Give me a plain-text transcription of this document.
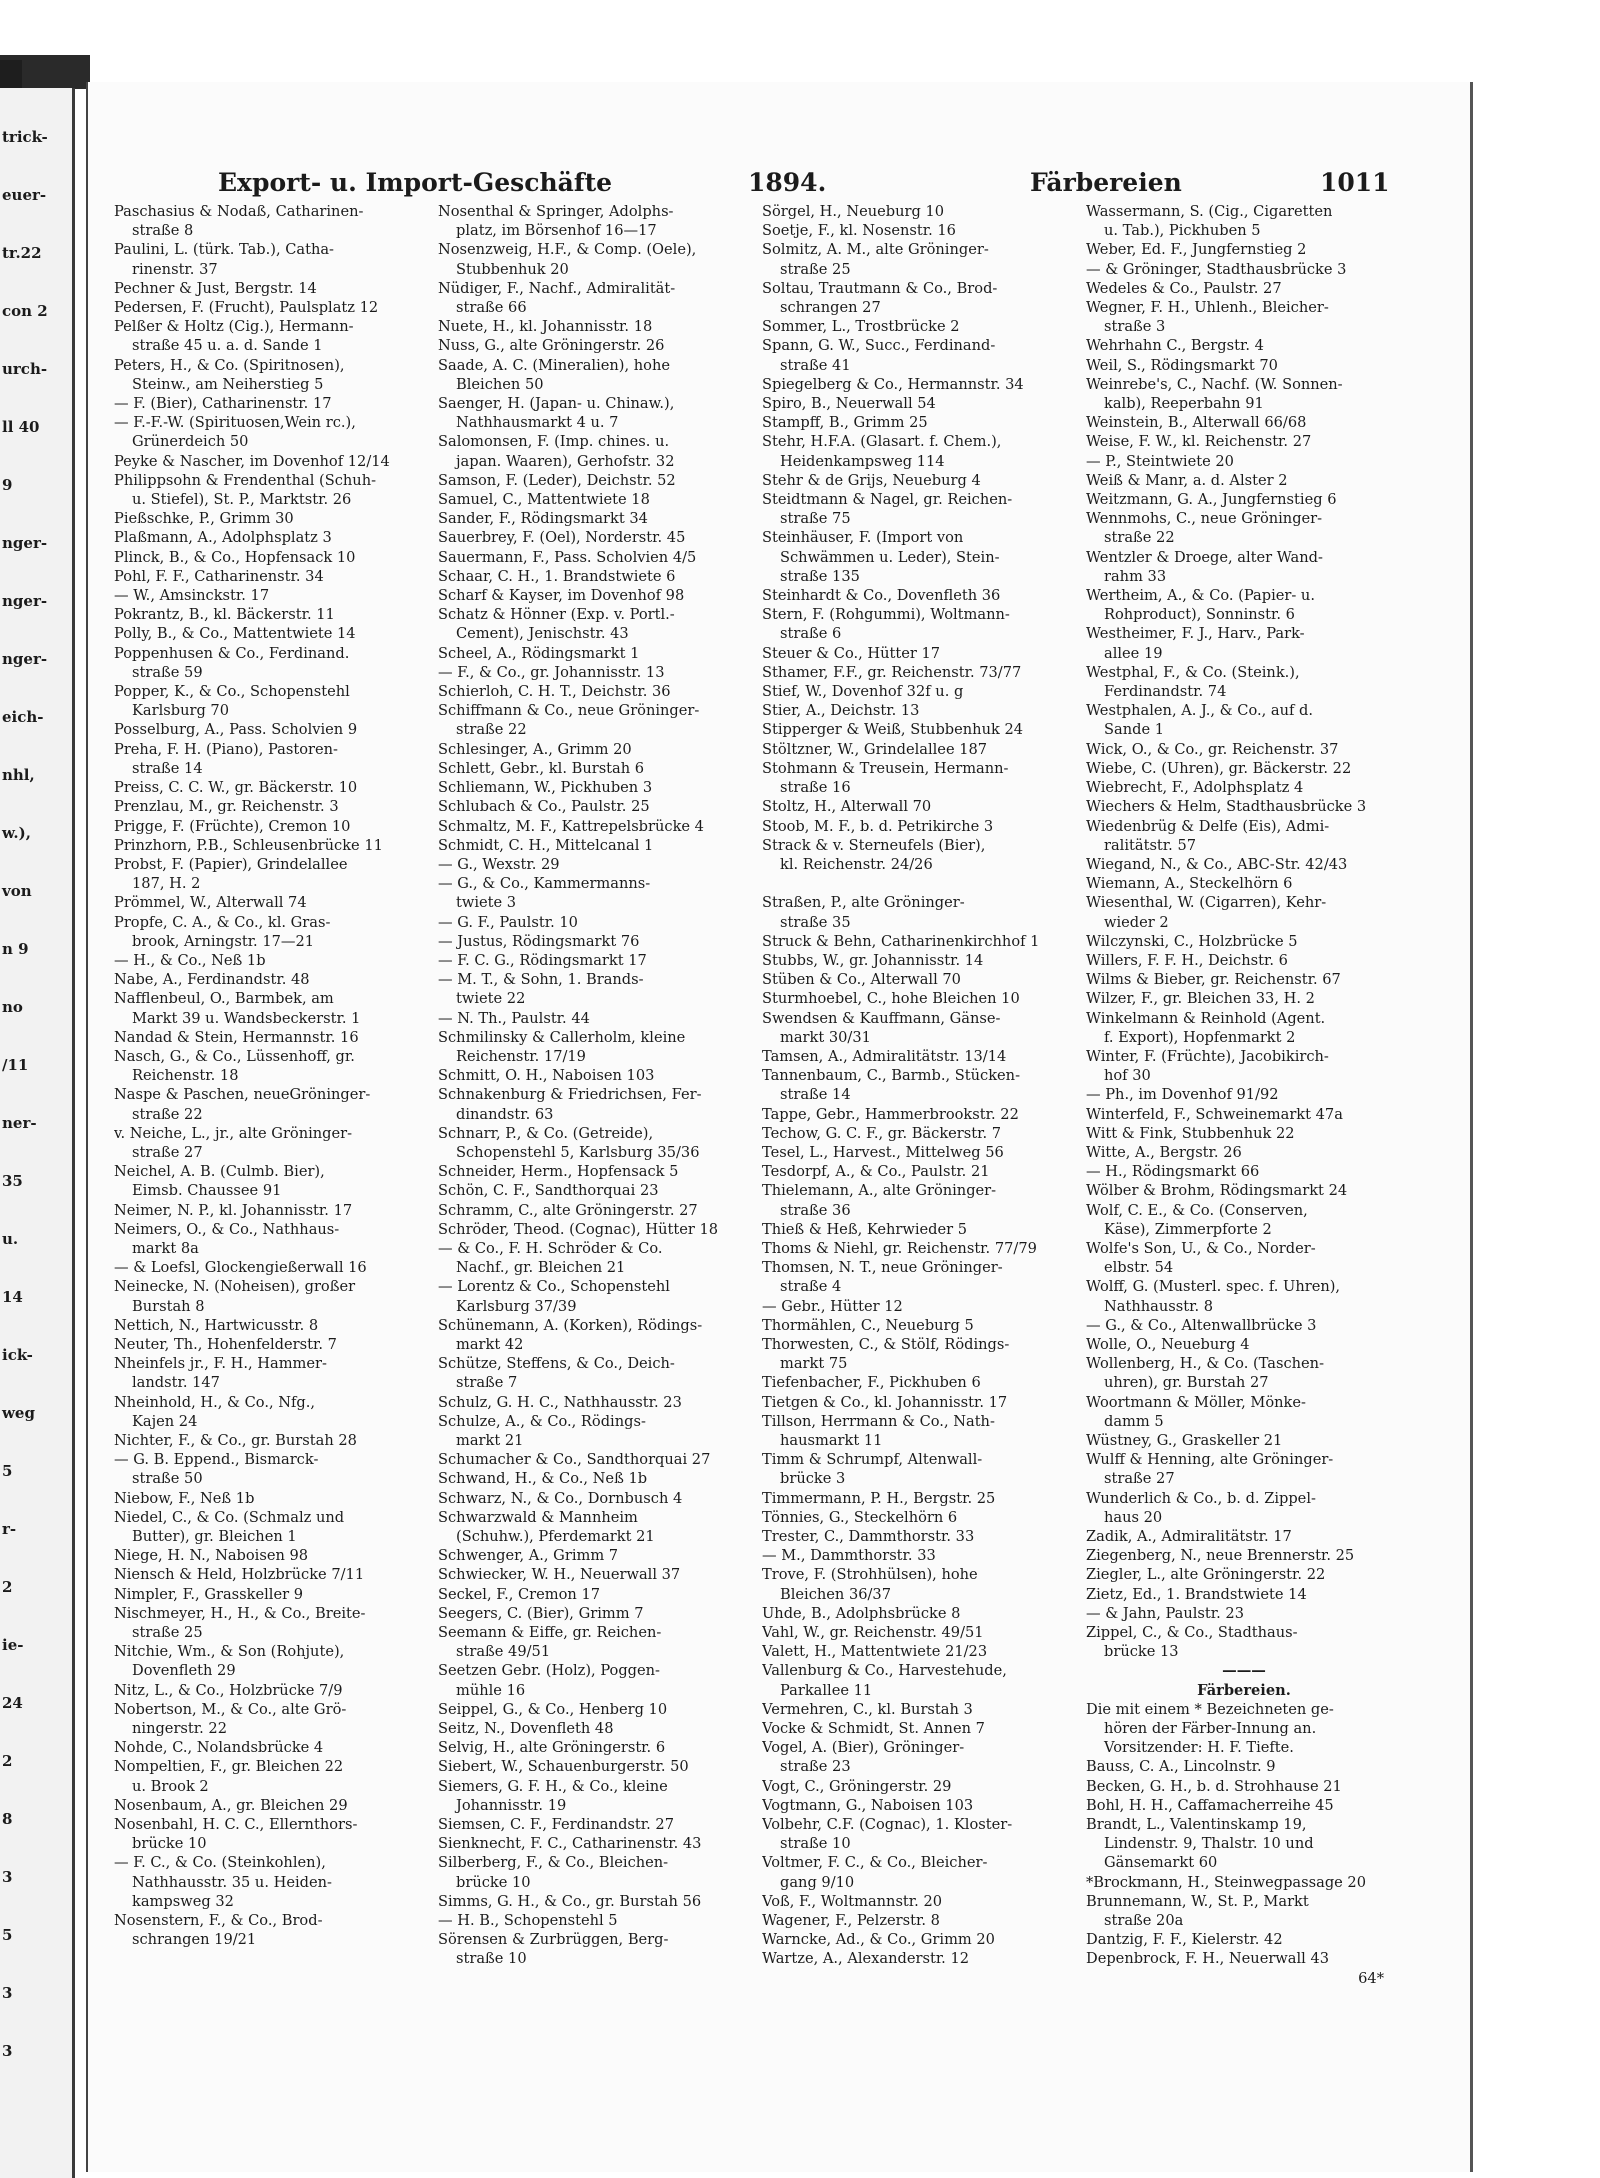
trick-
euer-
tr.22
con 2
urch-
ll 40
9
nger-
nger-
nger-
eich-
nhl,
w.),
von
n 9
no
/11
ner-
35
u.
14
ick-
weg
5
r-
2
ie-
24
2
8
3
5
3
3
Export- u. Import-Geschäfte	1894.	Färbereien	1011
Paschasius & Nodaß, Catharinen-
straße 8
Paulini, L. (türk. Tab.), Catha-
rinenstr. 37
Pechner & Just, Bergstr. 14
Pedersen, F. (Frucht), Paulsplatz 12
Pelßer & Holtz (Cig.), Hermann-
straße 45 u. a. d. Sande 1
Peters, H., & Co. (Spiritnosen),
Steinw., am Neiherstieg 5
— F. (Bier), Catharinenstr. 17
— F.-F.-W. (Spirituosen,Wein rc.),
Grünerdeich 50
Peyke & Nascher, im Dovenhof 12/14
Philippsohn & Frendenthal (Schuh-
u. Stiefel), St. P., Marktstr. 26
Pießschke, P., Grimm 30
Plaßmann, A., Adolphsplatz 3
Plinck, B., & Co., Hopfensack 10
Pohl, F. F., Catharinenstr. 34
— W., Amsinckstr. 17
Pokrantz, B., kl. Bäckerstr. 11
Polly, B., & Co., Mattentwiete 14
Poppenhusen & Co., Ferdinand.
straße 59
Popper, K., & Co., Schopenstehl
Karlsburg 70
Posselburg, A., Pass. Scholvien 9
Preha, F. H. (Piano), Pastoren-
straße 14
Preiss, C. C. W., gr. Bäckerstr. 10
Prenzlau, M., gr. Reichenstr. 3
Prigge, F. (Früchte), Cremon 10
Prinzhorn, P.B., Schleusenbrücke 11
Probst, F. (Papier), Grindelallee
187, H. 2
Prömmel, W., Alterwall 74
Propfe, C. A., & Co., kl. Gras-
brook, Arningstr. 17—21
— H., & Co., Neß 1b
Nabe, A., Ferdinandstr. 48
Nafflenbeul, O., Barmbek, am
Markt 39 u. Wandsbeckerstr. 1
Nandad & Stein, Hermannstr. 16
Nasch, G., & Co., Lüssenhoff, gr.
Reichenstr. 18
Naspe & Paschen, neueGröninger-
straße 22
v. Neiche, L., jr., alte Gröninger-
straße 27
Neichel, A. B. (Culmb. Bier),
Eimsb. Chaussee 91
Neimer, N. P., kl. Johannisstr. 17
Neimers, O., & Co., Nathhaus-
markt 8a
— & Loefsl, Glockengießerwall 16
Neinecke, N. (Noheisen), großer
Burstah 8
Nettich, N., Hartwicusstr. 8
Neuter, Th., Hohenfelderstr. 7
Nheinfels jr., F. H., Hammer-
landstr. 147
Nheinhold, H., & Co., Nfg.,
Kajen 24
Nichter, F., & Co., gr. Burstah 28
— G. B. Eppend., Bismarck-
straße 50
Niebow, F., Neß 1b
Niedel, C., & Co. (Schmalz und
Butter), gr. Bleichen 1
Niege, H. N., Naboisen 98
Niensch & Held, Holzbrücke 7/11
Nimpler, F., Grasskeller 9
Nischmeyer, H., H., & Co., Breite-
straße 25
Nitchie, Wm., & Son (Rohjute),
Dovenfleth 29
Nitz, L., & Co., Holzbrücke 7/9
Nobertson, M., & Co., alte Grö-
ningerstr. 22
Nohde, C., Nolandsbrücke 4
Nompeltien, F., gr. Bleichen 22
u. Brook 2
Nosenbaum, A., gr. Bleichen 29
Nosenbahl, H. C. C., Ellernthors-
brücke 10
— F. C., & Co. (Steinkohlen),
Nathhausstr. 35 u. Heiden-
kampsweg 32
Nosenstern, F., & Co., Brod-
schrangen 19/21
Nosenthal & Springer, Adolphs-
platz, im Börsenhof 16—17
Nosenzweig, H.F., & Comp. (Oele),
Stubbenhuk 20
Nüdiger, F., Nachf., Admiralität-
straße 66
Nuete, H., kl. Johannisstr. 18
Nuss, G., alte Gröningerstr. 26
Saade, A. C. (Mineralien), hohe
Bleichen 50
Saenger, H. (Japan- u. Chinaw.),
Nathhausmarkt 4 u. 7
Salomonsen, F. (Imp. chines. u.
japan. Waaren), Gerhofstr. 32
Samson, F. (Leder), Deichstr. 52
Samuel, C., Mattentwiete 18
Sander, F., Rödingsmarkt 34
Sauerbrey, F. (Oel), Norderstr. 45
Sauermann, F., Pass. Scholvien 4/5
Schaar, C. H., 1. Brandstwiete 6
Scharf & Kayser, im Dovenhof 98
Schatz & Hönner (Exp. v. Portl.-
Cement), Jenischstr. 43
Scheel, A., Rödingsmarkt 1
— F., & Co., gr. Johannisstr. 13
Schierloh, C. H. T., Deichstr. 36
Schiffmann & Co., neue Gröninger-
straße 22
Schlesinger, A., Grimm 20
Schlett, Gebr., kl. Burstah 6
Schliemann, W., Pickhuben 3
Schlubach & Co., Paulstr. 25
Schmaltz, M. F., Kattrepelsbrücke 4
Schmidt, C. H., Mittelcanal 1
— G., Wexstr. 29
— G., & Co., Kammermanns-
twiete 3
— G. F., Paulstr. 10
— Justus, Rödingsmarkt 76
— F. C. G., Rödingsmarkt 17
— M. T., & Sohn, 1. Brands-
twiete 22
— N. Th., Paulstr. 44
Schmilinsky & Callerholm, kleine
Reichenstr. 17/19
Schmitt, O. H., Naboisen 103
Schnakenburg & Friedrichsen, Fer-
dinandstr. 63
Schnarr, P., & Co. (Getreide),
Schopenstehl 5, Karlsburg 35/36
Schneider, Herm., Hopfensack 5
Schön, C. F., Sandthorquai 23
Schramm, C., alte Gröningerstr. 27
Schröder, Theod. (Cognac), Hütter 18
— & Co., F. H. Schröder & Co.
Nachf., gr. Bleichen 21
— Lorentz & Co., Schopenstehl
Karlsburg 37/39
Schünemann, A. (Korken), Rödings-
markt 42
Schütze, Steffens, & Co., Deich-
straße 7
Schulz, G. H. C., Nathhausstr. 23
Schulze, A., & Co., Rödings-
markt 21
Schumacher & Co., Sandthorquai 27
Schwand, H., & Co., Neß 1b
Schwarz, N., & Co., Dornbusch 4
Schwarzwald & Mannheim
(Schuhw.), Pferdemarkt 21
Schwenger, A., Grimm 7
Schwiecker, W. H., Neuerwall 37
Seckel, F., Cremon 17
Seegers, C. (Bier), Grimm 7
Seemann & Eiffe, gr. Reichen-
straße 49/51
Seetzen Gebr. (Holz), Poggen-
mühle 16
Seippel, G., & Co., Henberg 10
Seitz, N., Dovenfleth 48
Selvig, H., alte Gröningerstr. 6
Siebert, W., Schauenburgerstr. 50
Siemers, G. F. H., & Co., kleine
Johannisstr. 19
Siemsen, C. F., Ferdinandstr. 27
Sienknecht, F. C., Catharinenstr. 43
Silberberg, F., & Co., Bleichen-
brücke 10
Simms, G. H., & Co., gr. Burstah 56
— H. B., Schopenstehl 5
Sörensen & Zurbrüggen, Berg-
straße 10
Sörgel, H., Neueburg 10
Soetje, F., kl. Nosenstr. 16
Solmitz, A. M., alte Gröninger-
straße 25
Soltau, Trautmann & Co., Brod-
schrangen 27
Sommer, L., Trostbrücke 2
Spann, G. W., Succ., Ferdinand-
straße 41
Spiegelberg & Co., Hermannstr. 34
Spiro, B., Neuerwall 54
Stampff, B., Grimm 25
Stehr, H.F.A. (Glasart. f. Chem.),
Heidenkampsweg 114
Stehr & de Grijs, Neueburg 4
Steidtmann & Nagel, gr. Reichen-
straße 75
Steinhäuser, F. (Import von
Schwämmen u. Leder), Stein-
straße 135
Steinhardt & Co., Dovenfleth 36
Stern, F. (Rohgummi), Woltmann-
straße 6
Steuer & Co., Hütter 17
Sthamer, F.F., gr. Reichenstr. 73/77
Stief, W., Dovenhof 32f u. g
Stier, A., Deichstr. 13
Stipperger & Weiß, Stubbenhuk 24
Stöltzner, W., Grindelallee 187
Stohmann & Treusein, Hermann-
straße 16
Stoltz, H., Alterwall 70
Stoob, M. F., b. d. Petrikirche 3
Strack & v. Sterneufels (Bier),
kl. Reichenstr. 24/26

Straßen, P., alte Gröninger-
straße 35
Struck & Behn, Catharinenkirchhof 1
Stubbs, W., gr. Johannisstr. 14
Stüben & Co., Alterwall 70
Sturmhoebel, C., hohe Bleichen 10
Swendsen & Kauffmann, Gänse-
markt 30/31
Tamsen, A., Admiralitätstr. 13/14
Tannenbaum, C., Barmb., Stücken-
straße 14
Tappe, Gebr., Hammerbrookstr. 22
Techow, G. C. F., gr. Bäckerstr. 7
Tesel, L., Harvest., Mittelweg 56
Tesdorpf, A., & Co., Paulstr. 21
Thielemann, A., alte Gröninger-
straße 36
Thieß & Heß, Kehrwieder 5
Thoms & Niehl, gr. Reichenstr. 77/79
Thomsen, N. T., neue Gröninger-
straße 4
— Gebr., Hütter 12
Thormählen, C., Neueburg 5
Thorwesten, C., & Stölf, Rödings-
markt 75
Tiefenbacher, F., Pickhuben 6
Tietgen & Co., kl. Johannisstr. 17
Tillson, Herrmann & Co., Nath-
hausmarkt 11
Timm & Schrumpf, Altenwall-
brücke 3
Timmermann, P. H., Bergstr. 25
Tönnies, G., Steckelhörn 6
Trester, C., Dammthorstr. 33
— M., Dammthorstr. 33
Trove, F. (Strohhülsen), hohe
Bleichen 36/37
Uhde, B., Adolphsbrücke 8
Vahl, W., gr. Reichenstr. 49/51
Valett, H., Mattentwiete 21/23
Vallenburg & Co., Harvestehude,
Parkallee 11
Vermehren, C., kl. Burstah 3
Vocke & Schmidt, St. Annen 7
Vogel, A. (Bier), Gröninger-
straße 23
Vogt, C., Gröningerstr. 29
Vogtmann, G., Naboisen 103
Volbehr, C.F. (Cognac), 1. Kloster-
straße 10
Voltmer, F. C., & Co., Bleicher-
gang 9/10
Voß, F., Woltmannstr. 20
Wagener, F., Pelzerstr. 8
Warncke, Ad., & Co., Grimm 20
Wartze, A., Alexanderstr. 12
Wassermann, S. (Cig., Cigaretten
u. Tab.), Pickhuben 5
Weber, Ed. F., Jungfernstieg 2
— & Gröninger, Stadthausbrücke 3
Wedeles & Co., Paulstr. 27
Wegner, F. H., Uhlenh., Bleicher-
straße 3
Wehrhahn C., Bergstr. 4
Weil, S., Rödingsmarkt 70
Weinrebe's, C., Nachf. (W. Sonnen-
kalb), Reeperbahn 91
Weinstein, B., Alterwall 66/68
Weise, F. W., kl. Reichenstr. 27
— P., Steintwiete 20
Weiß & Manr, a. d. Alster 2
Weitzmann, G. A., Jungfernstieg 6
Wennmohs, C., neue Gröninger-
straße 22
Wentzler & Droege, alter Wand-
rahm 33
Wertheim, A., & Co. (Papier- u.
Rohproduct), Sonninstr. 6
Westheimer, F. J., Harv., Park-
allee 19
Westphal, F., & Co. (Steink.),
Ferdinandstr. 74
Westphalen, A. J., & Co., auf d.
Sande 1
Wick, O., & Co., gr. Reichenstr. 37
Wiebe, C. (Uhren), gr. Bäckerstr. 22
Wiebrecht, F., Adolphsplatz 4
Wiechers & Helm, Stadthausbrücke 3
Wiedenbrüg & Delfe (Eis), Admi-
ralitätstr. 57
Wiegand, N., & Co., ABC-Str. 42/43
Wiemann, A., Steckelhörn 6
Wiesenthal, W. (Cigarren), Kehr-
wieder 2
Wilczynski, C., Holzbrücke 5
Willers, F. F. H., Deichstr. 6
Wilms & Bieber, gr. Reichenstr. 67
Wilzer, F., gr. Bleichen 33, H. 2
Winkelmann & Reinhold (Agent.
f. Export), Hopfenmarkt 2
Winter, F. (Früchte), Jacobikirch-
hof 30
— Ph., im Dovenhof 91/92
Winterfeld, F., Schweinemarkt 47a
Witt & Fink, Stubbenhuk 22
Witte, A., Bergstr. 26
— H., Rödingsmarkt 66
Wölber & Brohm, Rödingsmarkt 24
Wolf, C. E., & Co. (Conserven,
Käse), Zimmerpforte 2
Wolfe's Son, U., & Co., Norder-
elbstr. 54
Wolff, G. (Musterl. spec. f. Uhren),
Nathhausstr. 8
— G., & Co., Altenwallbrücke 3
Wolle, O., Neueburg 4
Wollenberg, H., & Co. (Taschen-
uhren), gr. Burstah 27
Woortmann & Möller, Mönke-
damm 5
Wüstney, G., Graskeller 21
Wulff & Henning, alte Gröninger-
straße 27
Wunderlich & Co., b. d. Zippel-
haus 20
Zadik, A., Admiralitätstr. 17
Ziegenberg, N., neue Brennerstr. 25
Ziegler, L., alte Gröningerstr. 22
Zietz, Ed., 1. Brandstwiete 14
— & Jahn, Paulstr. 23
Zippel, C., & Co., Stadthaus-
brücke 13
———
Färbereien.
Die mit einem * Bezeichneten ge-
hören der Färber-Innung an.
Vorsitzender: H. F. Tiefte.
Bauss, C. A., Lincolnstr. 9
Becken, G. H., b. d. Strohhause 21
Bohl, H. H., Caffamacherreihe 45
Brandt, L., Valentinskamp 19,
Lindenstr. 9, Thalstr. 10 und
Gänsemarkt 60
*Brockmann, H., Steinwegpassage 20
Brunnemann, W., St. P., Markt
straße 20a
Dantzig, F. F., Kielerstr. 42
Depenbrock, F. H., Neuerwall 43
64*
